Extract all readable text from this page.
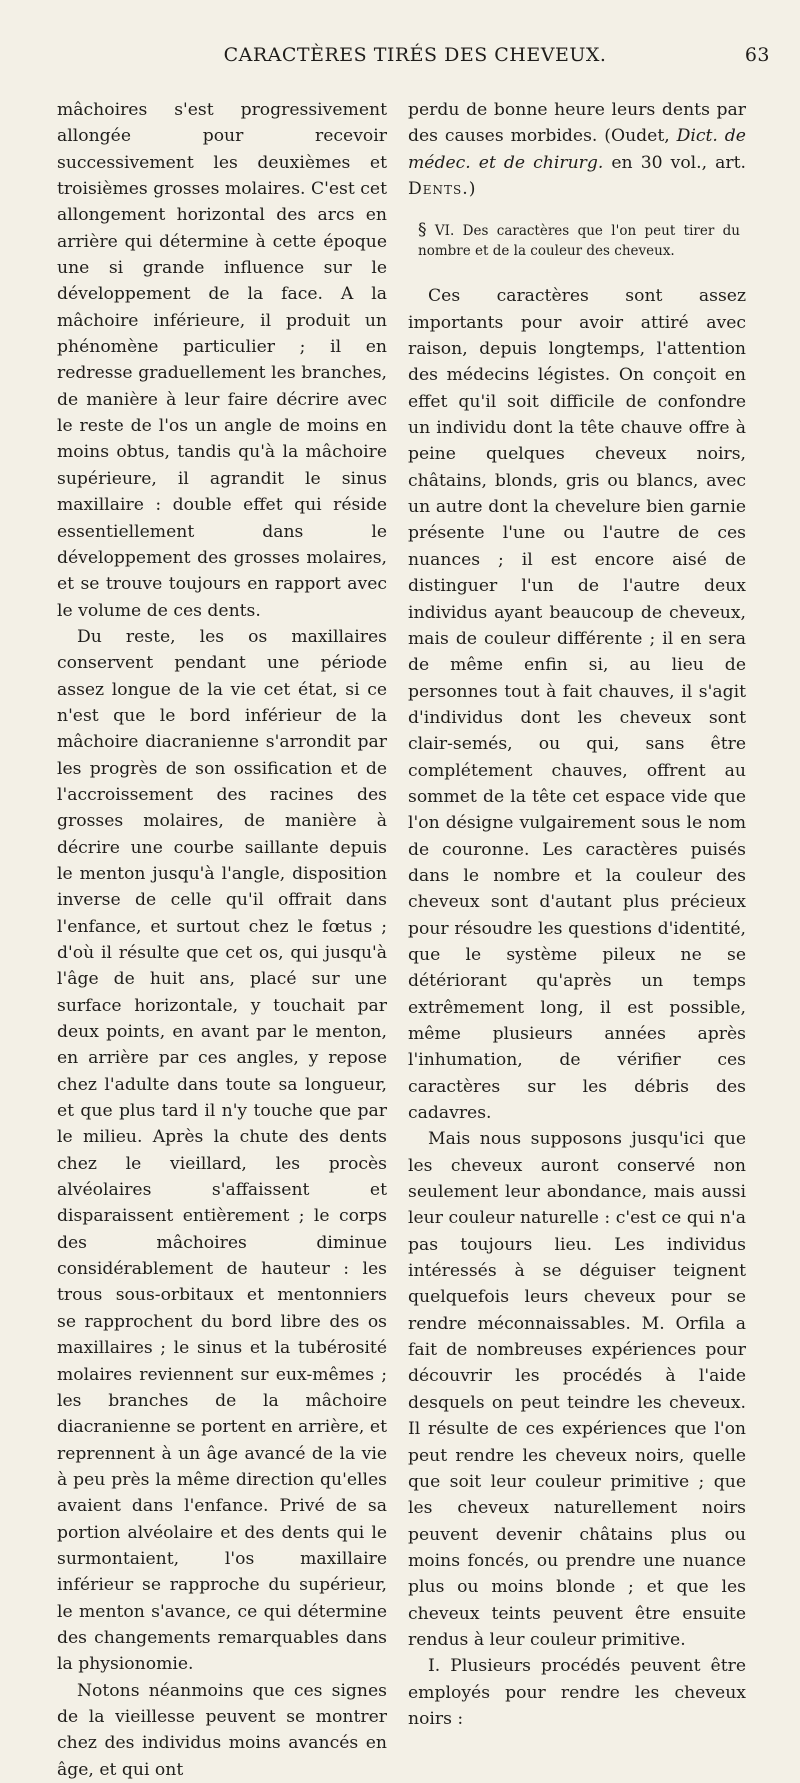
CARACTÈRES TIRÉS DES CHEVEUX.	63

mâchoires s'est progressivement allongée pour recevoir successivement les deuxièmes et troisièmes grosses molaires. C'est cet allongement horizontal des arcs en arrière qui détermine à cette époque une si grande influence sur le développement de la face. A la mâchoire inférieure, il produit un phénomène particulier ; il en redresse graduellement les branches, de manière à leur faire décrire avec le reste de l'os un angle de moins en moins obtus, tandis qu'à la mâchoire supérieure, il agrandit le sinus maxillaire : double effet qui réside essentiellement dans le développement des grosses molaires, et se trouve toujours en rapport avec le volume de ces dents.

Du reste, les os maxillaires conservent pendant une période assez longue de la vie cet état, si ce n'est que le bord inférieur de la mâchoire diacranienne s'arrondit par les progrès de son ossification et de l'accroissement des racines des grosses molaires, de manière à décrire une courbe saillante depuis le menton jusqu'à l'angle, disposition inverse de celle qu'il offrait dans l'enfance, et surtout chez le fœtus ; d'où il résulte que cet os, qui jusqu'à l'âge de huit ans, placé sur une surface horizontale, y touchait par deux points, en avant par le menton, en arrière par ces angles, y repose chez l'adulte dans toute sa longueur, et que plus tard il n'y touche que par le milieu. Après la chute des dents chez le vieillard, les procès alvéolaires s'affaissent et disparaissent entièrement ; le corps des mâchoires diminue considérablement de hauteur : les trous sous-orbitaux et mentonniers se rapprochent du bord libre des os maxillaires ; le sinus et la tubérosité molaires reviennent sur eux-mêmes ; les branches de la mâchoire diacranienne se portent en arrière, et reprennent à un âge avancé de la vie à peu près la même direction qu'elles avaient dans l'enfance. Privé de sa portion alvéolaire et des dents qui le surmontaient, l'os maxillaire inférieur se rapproche du supérieur, le menton s'avance, ce qui détermine des changements remarquables dans la physionomie.

Notons néanmoins que ces signes de la vieillesse peuvent se montrer chez des individus moins avancés en âge, et qui ont

perdu de bonne heure leurs dents par des causes morbides. (Oudet, Dict. de médec. et de chirurg. en 30 vol., art. Dents.)

§ VI. Des caractères que l'on peut tirer du nombre et de la couleur des cheveux.

Ces caractères sont assez importants pour avoir attiré avec raison, depuis longtemps, l'attention des médecins légistes. On conçoit en effet qu'il soit difficile de confondre un individu dont la tête chauve offre à peine quelques cheveux noirs, châtains, blonds, gris ou blancs, avec un autre dont la chevelure bien garnie présente l'une ou l'autre de ces nuances ; il est encore aisé de distinguer l'un de l'autre deux individus ayant beaucoup de cheveux, mais de couleur différente ; il en sera de même enfin si, au lieu de personnes tout à fait chauves, il s'agit d'individus dont les cheveux sont clair-semés, ou qui, sans être complétement chauves, offrent au sommet de la tête cet espace vide que l'on désigne vulgairement sous le nom de couronne. Les caractères puisés dans le nombre et la couleur des cheveux sont d'autant plus précieux pour résoudre les questions d'identité, que le système pileux ne se détériorant qu'après un temps extrêmement long, il est possible, même plusieurs années après l'inhumation, de vérifier ces caractères sur les débris des cadavres.

Mais nous supposons jusqu'ici que les cheveux auront conservé non seulement leur abondance, mais aussi leur couleur naturelle : c'est ce qui n'a pas toujours lieu. Les individus intéressés à se déguiser teignent quelquefois leurs cheveux pour se rendre méconnaissables. M. Orfila a fait de nombreuses expériences pour découvrir les procédés à l'aide desquels on peut teindre les cheveux. Il résulte de ces expériences que l'on peut rendre les cheveux noirs, quelle que soit leur couleur primitive ; que les cheveux naturellement noirs peuvent devenir châtains plus ou moins foncés, ou prendre une nuance plus ou moins blonde ; et que les cheveux teints peuvent être ensuite rendus à leur couleur primitive.

I. Plusieurs procédés peuvent être employés pour rendre les cheveux noirs :
